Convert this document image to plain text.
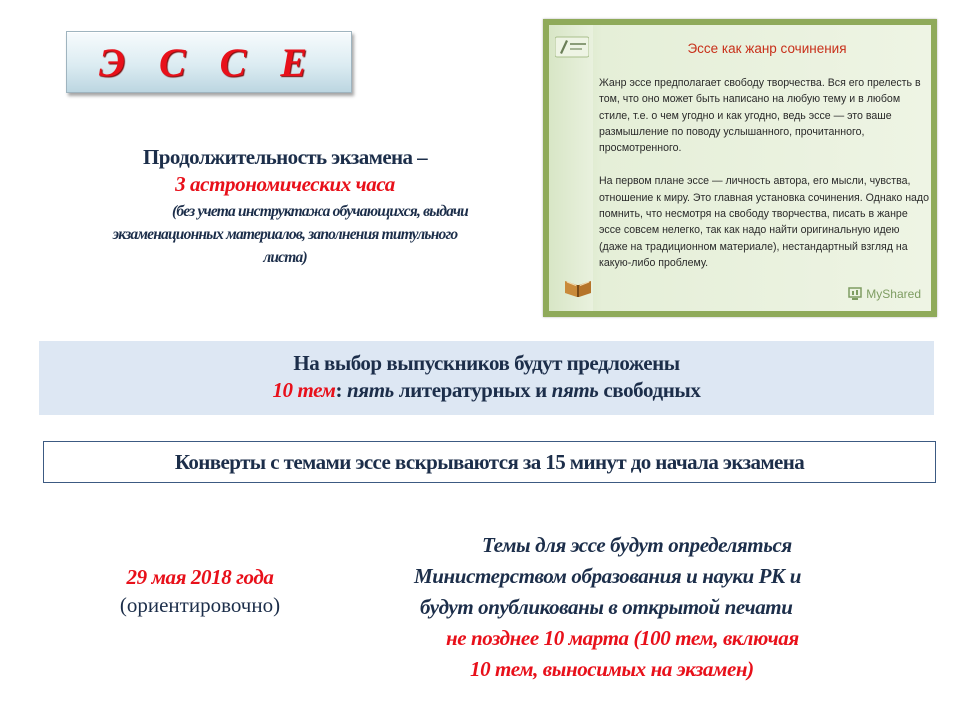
Э С С Е
Продолжительность экзамена –
3 астрономических часа
(без учета инструктажа обучающихся, выдачи
экзаменационных материалов, заполнения титульного
листа)
Эссе как жанр сочинения

Жанр эссе предполагает свободу творчества. Вся его прелесть в том, что оно может быть написано на любую тему и в любом стиле, т.е. о чем угодно и как угодно, ведь эссе — это ваше размышление по поводу услышанного, прочитанного, просмотренного.

На первом плане эссе — личность автора, его мысли, чувства, отношение к миру. Это главная установка сочинения. Однако надо помнить, что несмотря на свободу творчества, писать в жанре эссе совсем нелегко, так как надо найти оригинальную идею (даже на традиционном материале), нестандартный взгляд на какую-либо проблему.

MyShared
На выбор выпускников будут предложены
10 тем: пять литературных и пять свободных
Конверты с темами эссе вскрываются за 15 минут до начала экзамена
29 мая 2018 года
(ориентировочно)
Темы для эссе будут определяться
Министерством образования и науки РК и
будут опубликованы в открытой печати
не позднее 10 марта (100 тем, включая
10 тем, выносимых на экзамен)
